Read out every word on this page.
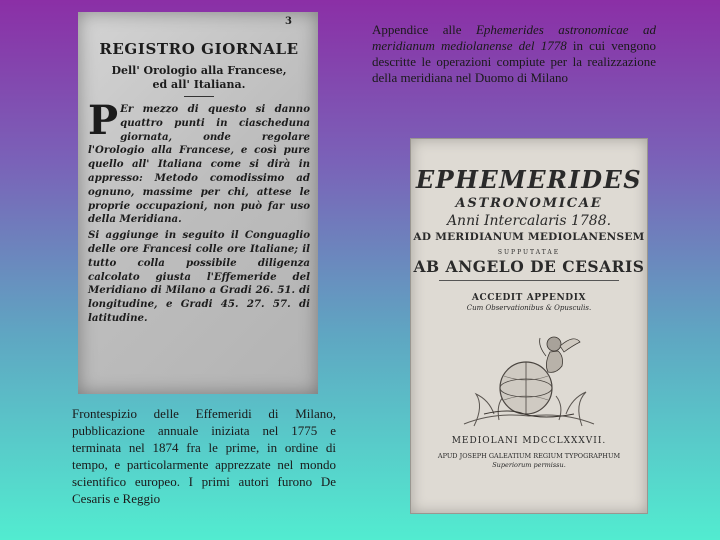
3
REGISTRO GIORNALE
Dell' Orologio alla Francese,
ed all' Italiana.
P Er mezzo di questo si danno quattro punti in ciascheduna giornata, onde regolare l'Orologio alla Francese, e così pure quello all' Italiana come si dirà in appresso: Metodo comodissimo ad ognuno, massime per chi, attese le proprie occupazioni, non può far uso della Meridiana.
Si aggiunge in seguito il Conguaglio delle ore Francesi colle ore Italiane; il tutto colla possibile diligenza calcolato giusta l'Effemeride del Meridiano di Milano a Gradi 26. 51. di longitudine, e Gradi 45. 27. 57. di latitudine.
Appendice alle Ephemerides astronomicae ad meridianum mediolanense del 1778 in cui vengono descritte le operazioni compiute per la realizzazione della meridiana nel Duomo di Milano
EPHEMERIDES
ASTRONOMICAE
Anni Intercalaris 1788.
AD MERIDIANUM MEDIOLANENSEM
SUPPUTATAE
AB ANGELO DE CESARIS
ACCEDIT APPENDIX
Cum Observationibus & Opusculis.
MEDIOLANI MDCCLXXXVII.
APUD JOSEPH GALEATIUM REGIUM TYPOGRAPHUM
Superiorum permissu.
Frontespizio delle Effemeridi di Milano, pubblicazione annuale iniziata nel 1775 e terminata nel 1874 fra le prime, in ordine di tempo, e particolarmente apprezzate nel mondo scientifico europeo. I primi autori furono De Cesaris e Reggio
